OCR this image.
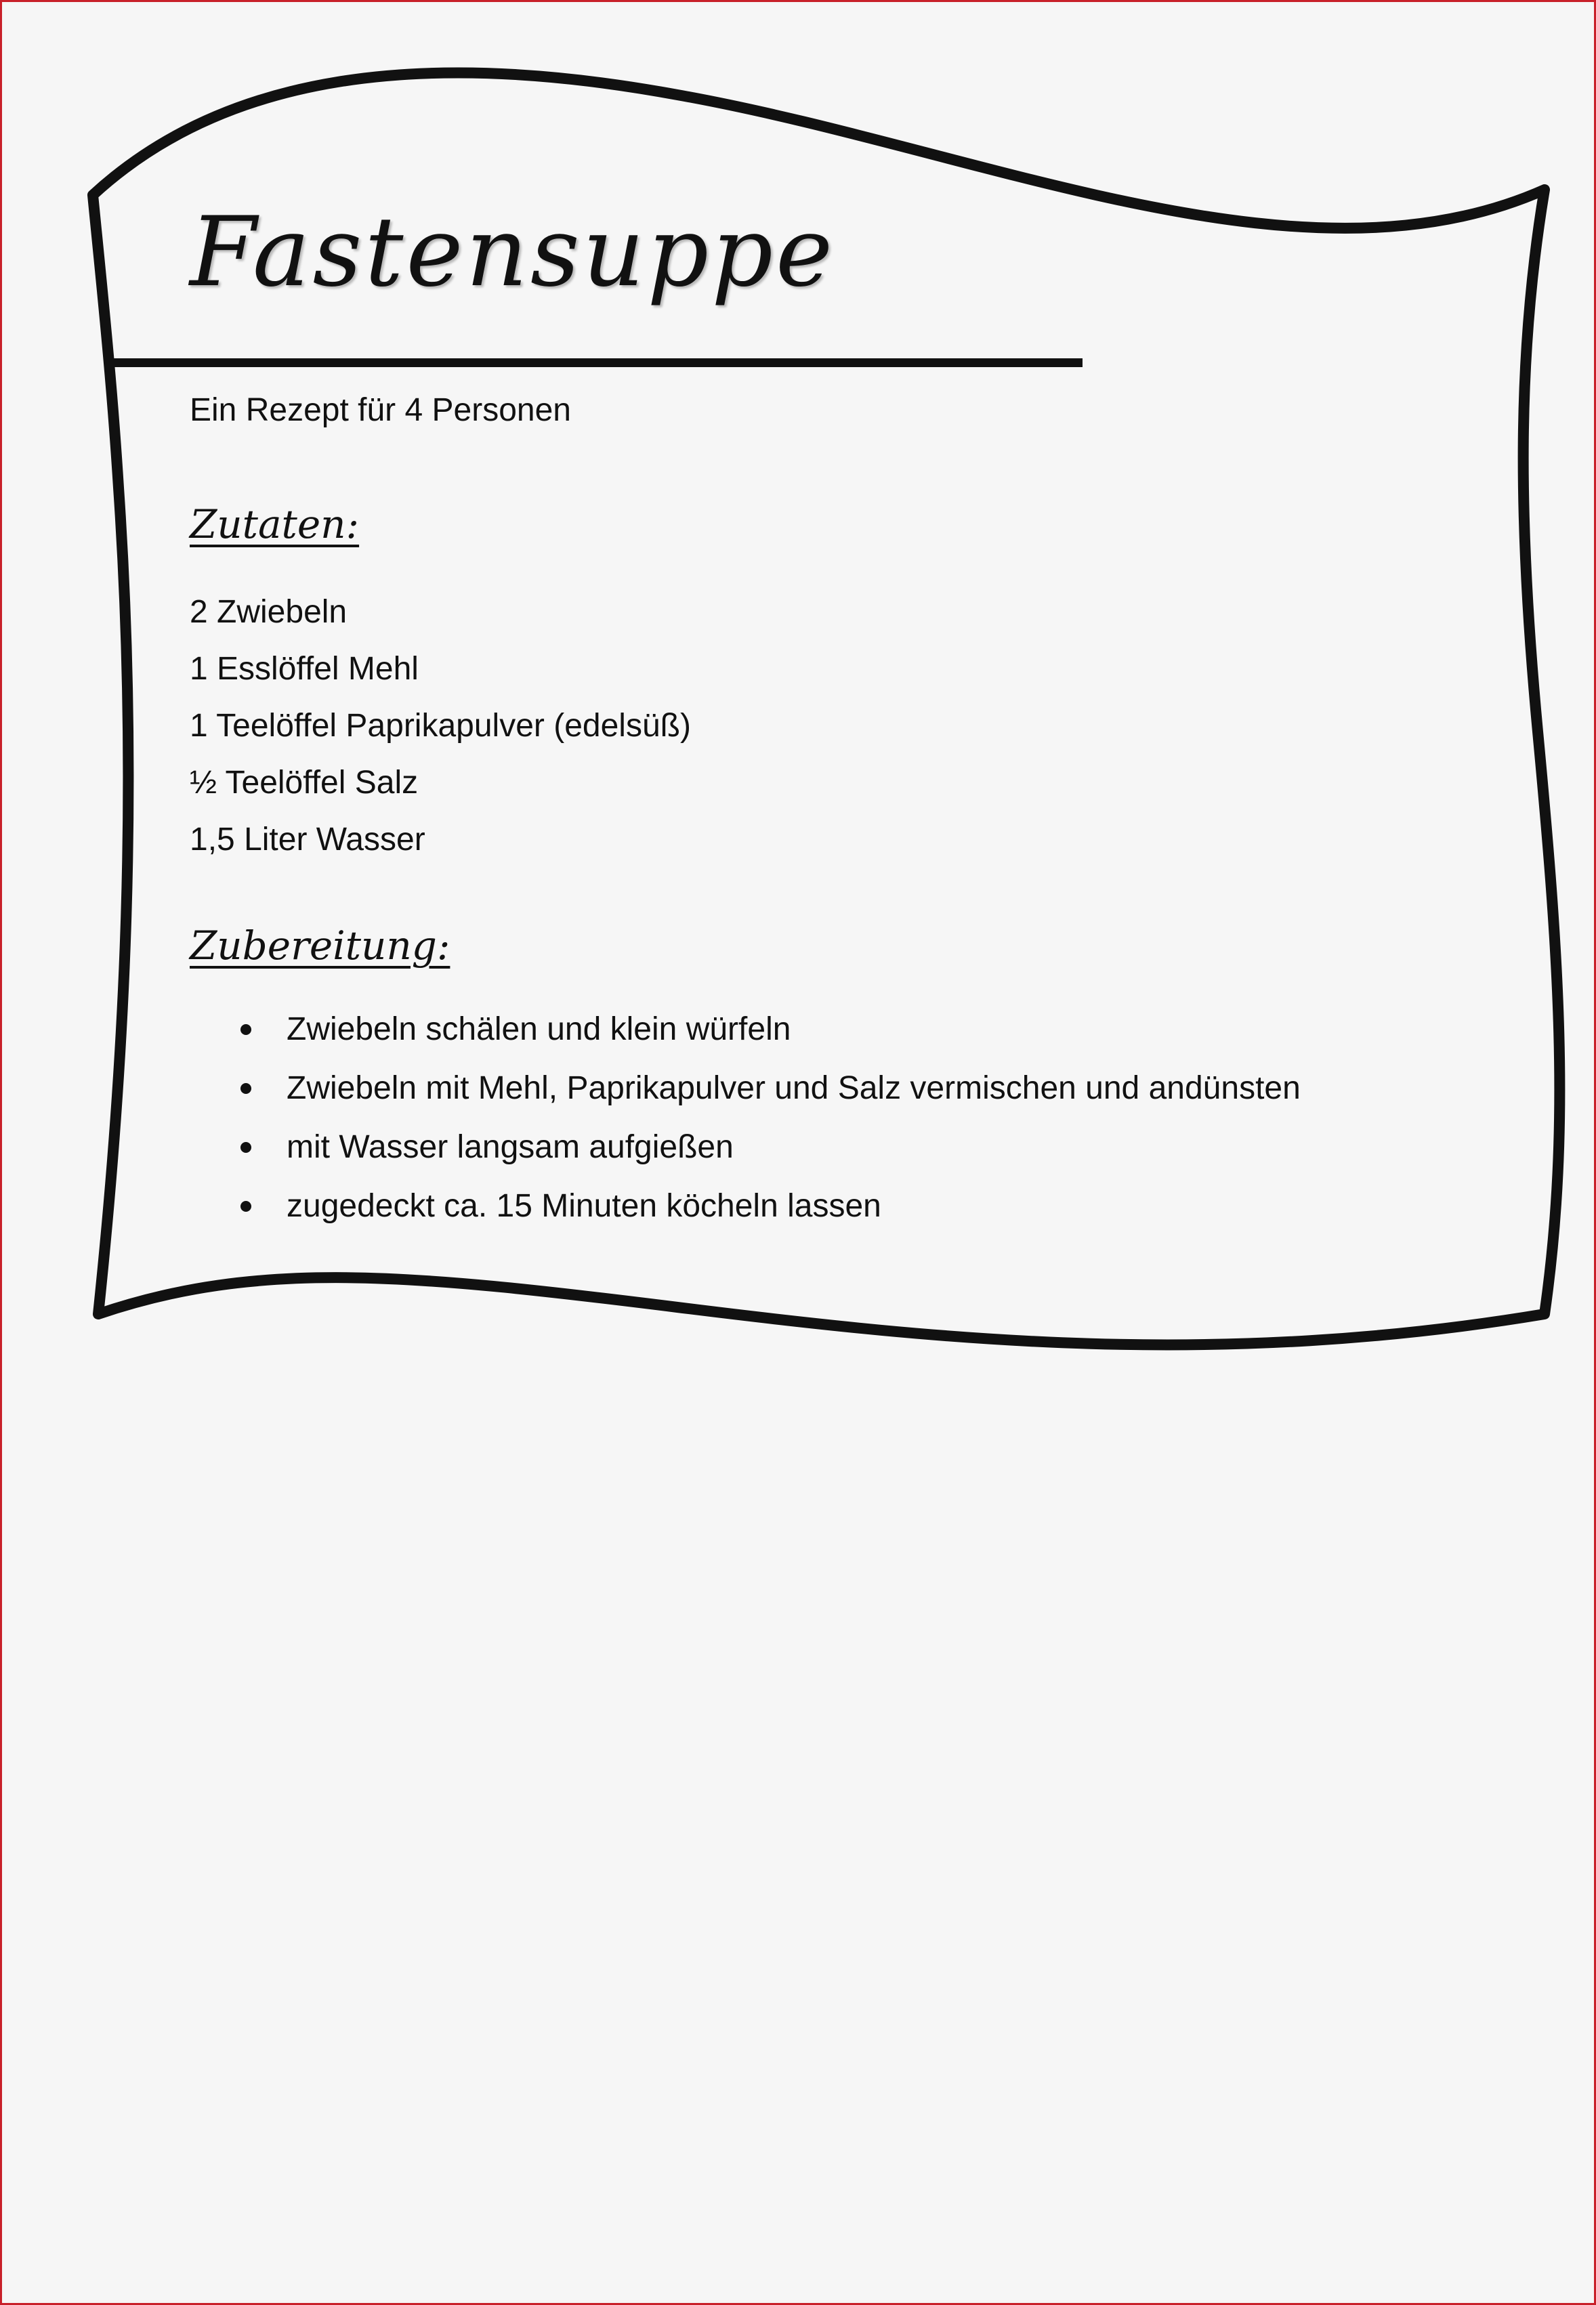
Fastensuppe
Ein Rezept für 4 Personen
Zutaten:
2 Zwiebeln
1 Esslöffel Mehl
1 Teelöffel Paprikapulver (edelsüß)
½ Teelöffel Salz
1,5 Liter Wasser
Zubereitung:
Zwiebeln schälen und klein würfeln
Zwiebeln mit Mehl, Paprikapulver und Salz vermischen und andünsten
mit Wasser langsam aufgießen
zugedeckt ca. 15 Minuten köcheln lassen
